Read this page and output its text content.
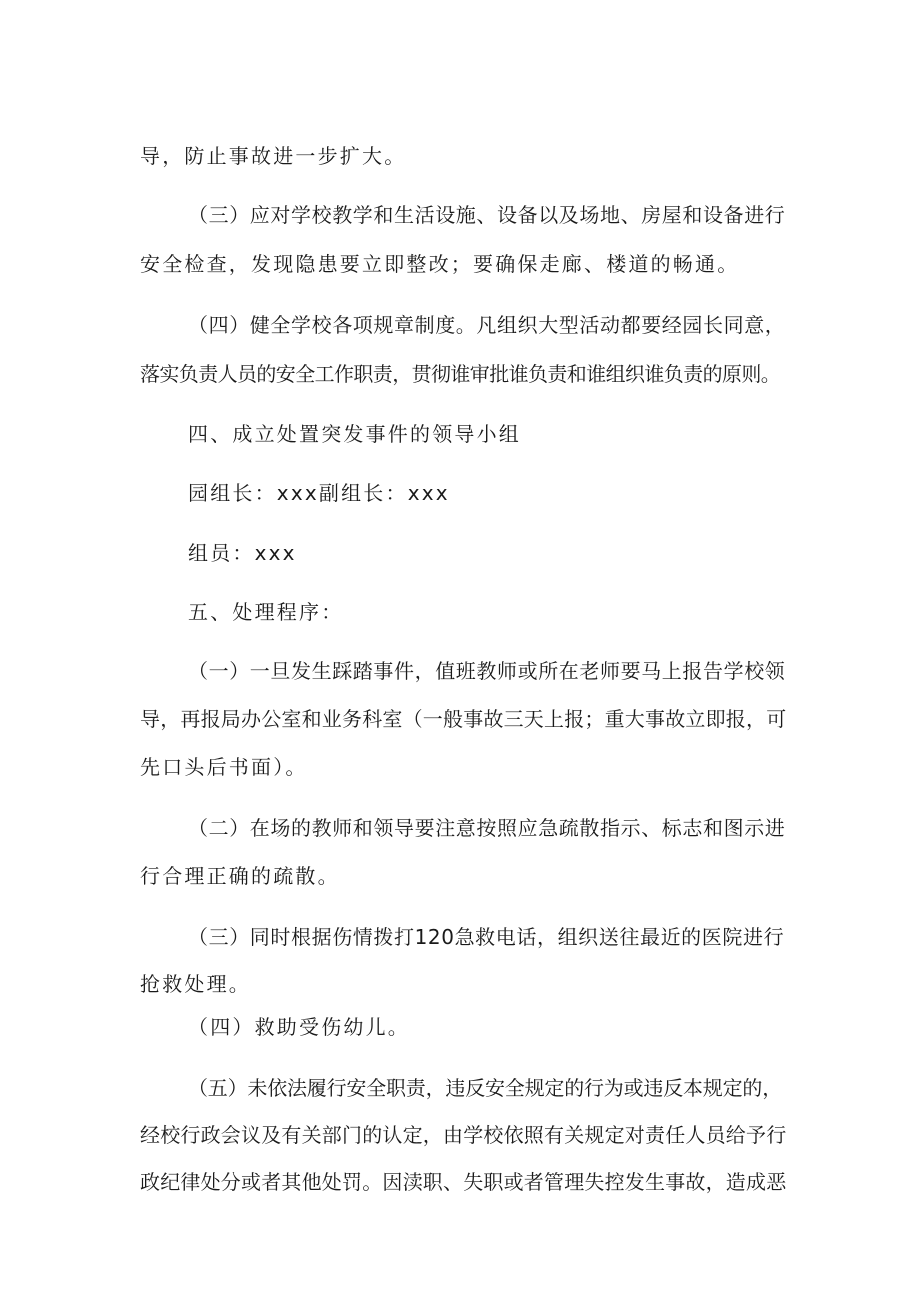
导，防止事故进一步扩大。
（三）应对学校教学和生活设施、设备以及场地、房屋和设备进行
安全检查，发现隐患要立即整改；要确保走廊、楼道的畅通。
（四）健全学校各项规章制度。凡组织大型活动都要经园长同意，
落实负责人员的安全工作职责，贯彻谁审批谁负责和谁组织谁负责的原则。
四、成立处置突发事件的领导小组
园组长：xxx副组长：xxx
组员：xxx
五、处理程序：
（一）一旦发生踩踏事件，值班教师或所在老师要马上报告学校领
导，再报局办公室和业务科室（一般事故三天上报；重大事故立即报，可
先口头后书面）。
（二）在场的教师和领导要注意按照应急疏散指示、标志和图示进
行合理正确的疏散。
（三）同时根据伤情拨打120急救电话，组织送往最近的医院进行
抢救处理。
（四）救助受伤幼儿。
（五）未依法履行安全职责，违反安全规定的行为或违反本规定的，
经校行政会议及有关部门的认定，由学校依照有关规定对责任人员给予行
政纪律处分或者其他处罚。因渎职、失职或者管理失控发生事故，造成恶
